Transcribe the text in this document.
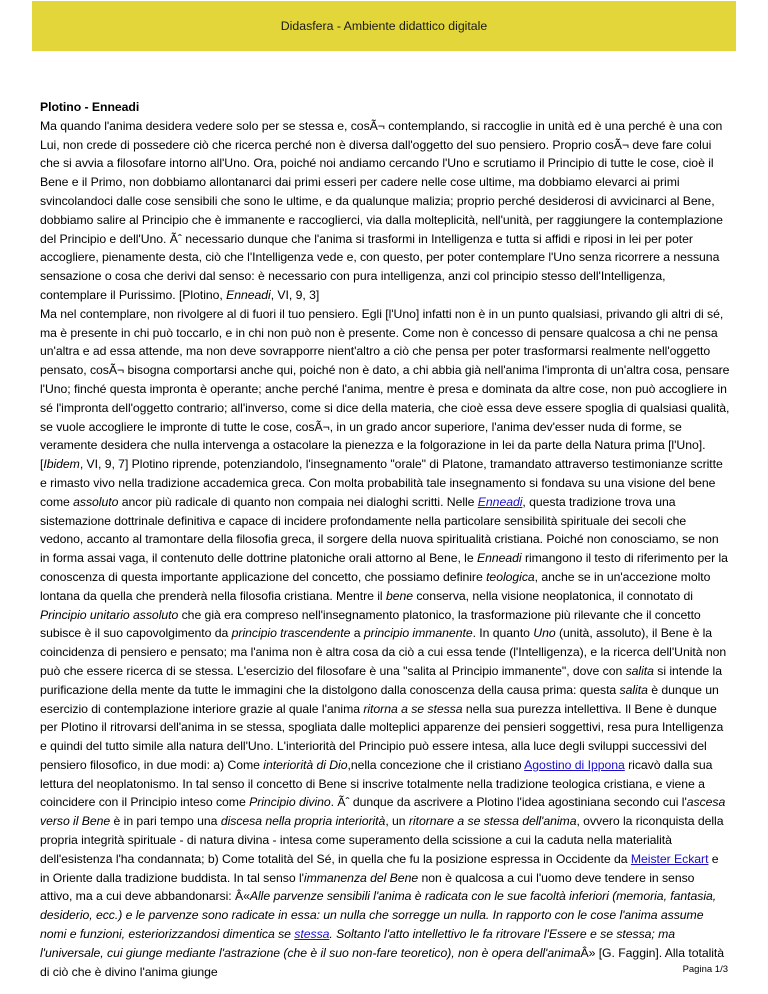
Didasfera - Ambiente didattico digitale
Plotino - Enneadi

Ma quando l'anima desidera vedere solo per se stessa e, cosÃ¬ contemplando, si raccoglie in unità ed è una perché è una con Lui, non crede di possedere ciò che ricerca perché non è diversa dall'oggetto del suo pensiero. Proprio cosÃ¬ deve fare colui che si avvia a filosofare intorno all'Uno. Ora, poiché noi andiamo cercando l'Uno e scrutiamo il Principio di tutte le cose, cioè il Bene e il Primo, non dobbiamo allontanarci dai primi esseri per cadere nelle cose ultime, ma dobbiamo elevarci ai primi svincolandoci dalle cose sensibili che sono le ultime, e da qualunque malizia; proprio perché desiderosi di avvicinarci al Bene, dobbiamo salire al Principio che è immanente e raccoglierci, via dalla molteplicità, nell'unità, per raggiungere la contemplazione del Principio e dell'Uno. Ãˆ necessario dunque che l'anima si trasformi in Intelligenza e tutta si affidi e riposi in lei per poter accogliere, pienamente desta, ciò che l'Intelligenza vede e, con questo, per poter contemplare l'Uno senza ricorrere a nessuna sensazione o cosa che derivi dal senso: è necessario con pura intelligenza, anzi col principio stesso dell'Intelligenza, contemplare il Purissimo. [Plotino, Enneadi, VI, 9, 3]

Ma nel contemplare, non rivolgere al di fuori il tuo pensiero. Egli [l'Uno] infatti non è in un punto qualsiasi, privando gli altri di sé, ma è presente in chi può toccarlo, e in chi non può non è presente. Come non è concesso di pensare qualcosa a chi ne pensa un'altra e ad essa attende, ma non deve sovrapporre nient'altro a ciò che pensa per poter trasformarsi realmente nell'oggetto pensato, cosÃ¬ bisogna comportarsi anche qui, poiché non è dato, a chi abbia già nell'anima l'impronta di un'altra cosa, pensare l'Uno; finché questa impronta è operante; anche perché l'anima, mentre è presa e dominata da altre cose, non può accogliere in sé l'impronta dell'oggetto contrario; all'inverso, come si dice della materia, che cioè essa deve essere spoglia di qualsiasi qualità, se vuole accogliere le impronte di tutte le cose, cosÃ¬, in un grado ancor superiore, l'anima dev'esser nuda di forme, se veramente desidera che nulla intervenga a ostacolare la pienezza e la folgorazione in lei da parte della Natura prima [l'Uno]. [Ibidem, VI, 9, 7] Plotino riprende, potenziandolo, l'insegnamento "orale" di Platone, tramandato attraverso testimonianze scritte e rimasto vivo nella tradizione accademica greca. Con molta probabilità tale insegnamento si fondava su una visione del bene come assoluto ancor più radicale di quanto non compaia nei dialoghi scritti. Nelle Enneadi, questa tradizione trova una sistemazione dottrinale definitiva e capace di incidere profondamente nella particolare sensibilità spirituale dei secoli che vedono, accanto al tramontare della filosofia greca, il sorgere della nuova spiritualità cristiana. Poiché non conosciamo, se non in forma assai vaga, il contenuto delle dottrine platoniche orali attorno al Bene, le Enneadi rimangono il testo di riferimento per la conoscenza di questa importante applicazione del concetto, che possiamo definire teologica, anche se in un'accezione molto lontana da quella che prenderà nella filosofia cristiana. Mentre il bene conserva, nella visione neoplatonica, il connotato di Principio unitario assoluto che già era compreso nell'insegnamento platonico, la trasformazione più rilevante che il concetto subisce è il suo capovolgimento da principio trascendente a principio immanente. In quanto Uno (unità, assoluto), il Bene è la coincidenza di pensiero e pensato; ma l'anima non è altra cosa da ciò a cui essa tende (l'Intelligenza), e la ricerca dell'Unità non può che essere ricerca di se stessa. L'esercizio del filosofare è una "salita al Principio immanente", dove con salita si intende la purificazione della mente da tutte le immagini che la distolgono dalla conoscenza della causa prima: questa salita è dunque un esercizio di contemplazione interiore grazie al quale l'anima ritorna a se stessa nella sua purezza intellettiva. Il Bene è dunque per Plotino il ritrovarsi dell'anima in se stessa, spogliata dalle molteplici apparenze dei pensieri soggettivi, resa pura Intelligenza e quindi del tutto simile alla natura dell'Uno. L'interiorità del Principio può essere intesa, alla luce degli sviluppi successivi del pensiero filosofico, in due modi: a) Come interiorità di Dio,nella concezione che il cristiano Agostino di Ippona ricavò dalla sua lettura del neoplatonismo. In tal senso il concetto di Bene si inscrive totalmente nella tradizione teologica cristiana, e viene a coincidere con il Principio inteso come Principio divino. Ãˆ dunque da ascrivere a Plotino l'idea agostiniana secondo cui l'ascesa verso il Bene è in pari tempo una discesa nella propria interiorità, un ritornare a se stessa dell'anima, ovvero la riconquista della propria integrità spirituale - di natura divina - intesa come superamento della scissione a cui la caduta nella materialità dell'esistenza l'ha condannata; b) Come totalità del Sé, in quella che fu la posizione espressa in Occidente da Meister Eckart e in Oriente dalla tradizione buddista. In tal senso l'immanenza del Bene non è qualcosa a cui l'uomo deve tendere in senso attivo, ma a cui deve abbandonarsi: Â«Alle parvenze sensibili l'anima è radicata con le sue facoltà inferiori (memoria, fantasia, desiderio, ecc.) e le parvenze sono radicate in essa: un nulla che sorregge un nulla. In rapporto con le cose l'anima assume nomi e funzioni, esteriorizzandosi dimentica se stessa. Soltanto l'atto intellettivo le fa ritrovare l'Essere e se stessa; ma l'universale, cui giunge mediante l'astrazione (che è il suo non-fare teoretico), non è opera dell'animaÂ» [G. Faggin]. Alla totalità di ciò che è divino l'anima giunge	Pagina 1/3
